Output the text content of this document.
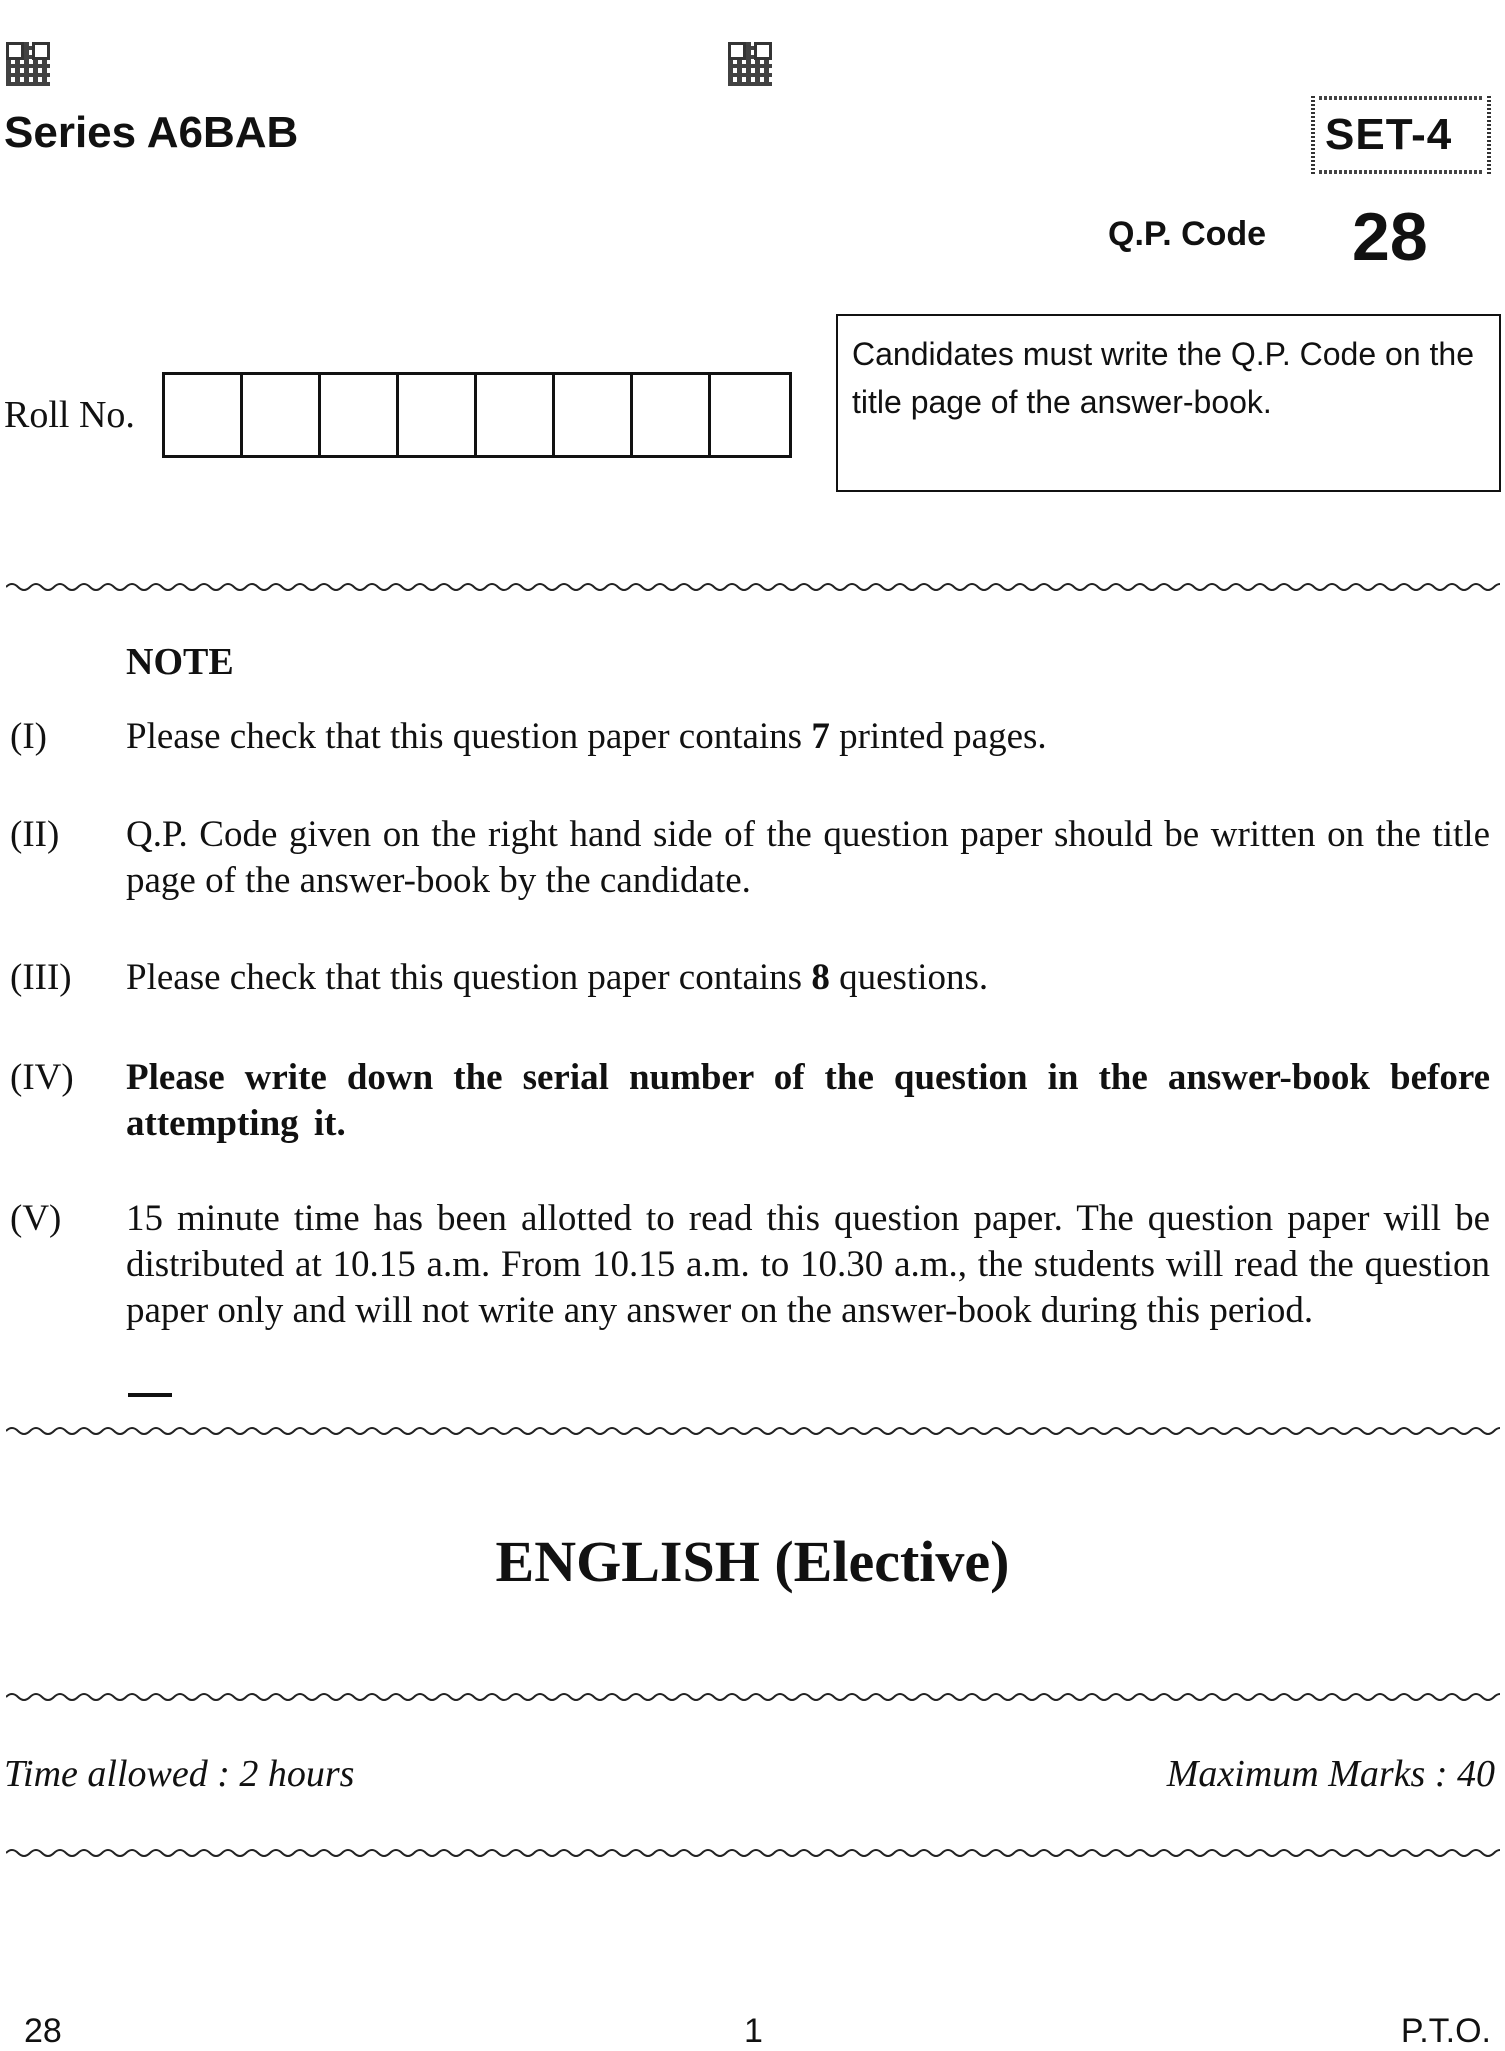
Series A6BAB	SET-4
Q.P. Code 28
Roll No.
Candidates must write the Q.P. Code on the title page of the answer-book.
NOTE
(I)	Please check that this question paper contains 7 printed pages.
(II)	Q.P. Code given on the right hand side of the question paper should be written on the title page of the answer-book by the candidate.
(III)	Please check that this question paper contains 8 questions.
(IV)	Please write down the serial number of the question in the answer-book before attempting it.
(V)	15 minute time has been allotted to read this question paper. The question paper will be distributed at 10.15 a.m. From 10.15 a.m. to 10.30 a.m., the students will read the question paper only and will not write any answer on the answer-book during this period.
ENGLISH (Elective)
Time allowed : 2 hours	Maximum Marks : 40
28	1	P.T.O.
